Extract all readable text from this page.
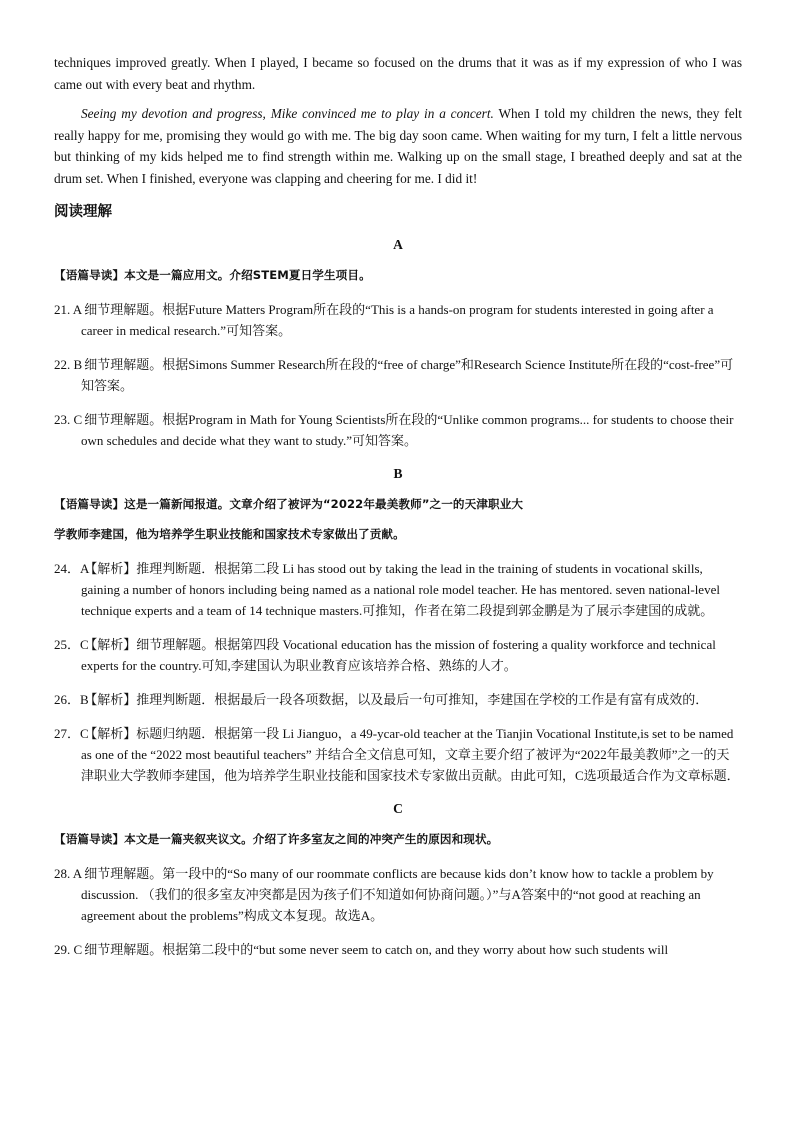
techniques improved greatly. When I played, I became so focused on the drums that it was as if my expression of who I was came out with every beat and rhythm.

Seeing my devotion and progress, Mike convinced me to play in a concert. When I told my children the news, they felt really happy for me, promising they would go with me. The big day soon came. When waiting for my turn, I felt a little nervous but thinking of my kids helped me to find strength within me. Walking up on the small stage, I breathed deeply and sat at the drum set. When I finished, everyone was clapping and cheering for me. I did it!

阅读理解
A
【语篇导读】本文是一篇应用文。介绍STEM夏日学生项目。
21. A 细节理解题。根据Future Matters Program所在段的“This is a hands-on program for students interested in going after a career in medical research.”可知答案。
22. B 细节理解题。根据Simons Summer Research所在段的“free of charge”和Research Science Institute所在段的“cost-free”可知答案。
23. C 细节理解题。根据Program in Math for Young Scientists所在段的“Unlike common programs... for students to choose their own schedules and decide what they want to study.”可知答案。
B
【语篇导读】这是一篇新闻报道。文章介绍了被评为“2022年最美教师”之一的天津职业大
学教师李建国，他为培养学生职业技能和国家技术专家做出了贡献。
24．A 【解析】推理判断题．根据第二段 Li has stood out by taking the lead in the training of students in vocational skills, gaining a number of honors including being named as a national role model teacher. He has mentored. seven national-level technique experts and a team of 14 technique masters.可推知，作者在第二段提到郭金鹏是为了展示李建国的成就。
25．C 【解析】细节理解题。根据第四段 Vocational education has the mission of fostering a quality workforce and technical experts for the country.可知,李建国认为职业教育应该培养合格、熟练的人才。
26．B 【解析】推理判断题．根据最后一段各项数据，以及最后一句可推知，李建国在学校的工作是有富有成效的．
27．C 【解析】标题归纳题．根据第一段 Li Jianguo，a 49-ycar-old teacher at the Tianjin Vocational Institute,is set to be named as one of the “2022 most beautiful teachers” 并结合全文信息可知，文章主要介绍了被评为“2022年最美教师”之一的天津职业大学教师李建国，他为培养学生职业技能和国家技术专家做出贡献。由此可知，C选项最适合作为文章标题．
C
【语篇导读】本文是一篇夹叙夹议文。介绍了许多室友之间的冲突产生的原因和现状。
28. A 细节理解题。第一段中的“So many of our roommate conflicts are because kids don’t know how to tackle a problem by discussion. （我们的很多室友冲突都是因为孩子们不知道如何协商问题。）”与A答案中的“not good at reaching an agreement about the problems”构成文本复现。故选A。
29. C 细节理解题。根据第二段中的“but some never seem to catch on, and they worry about how such students will
